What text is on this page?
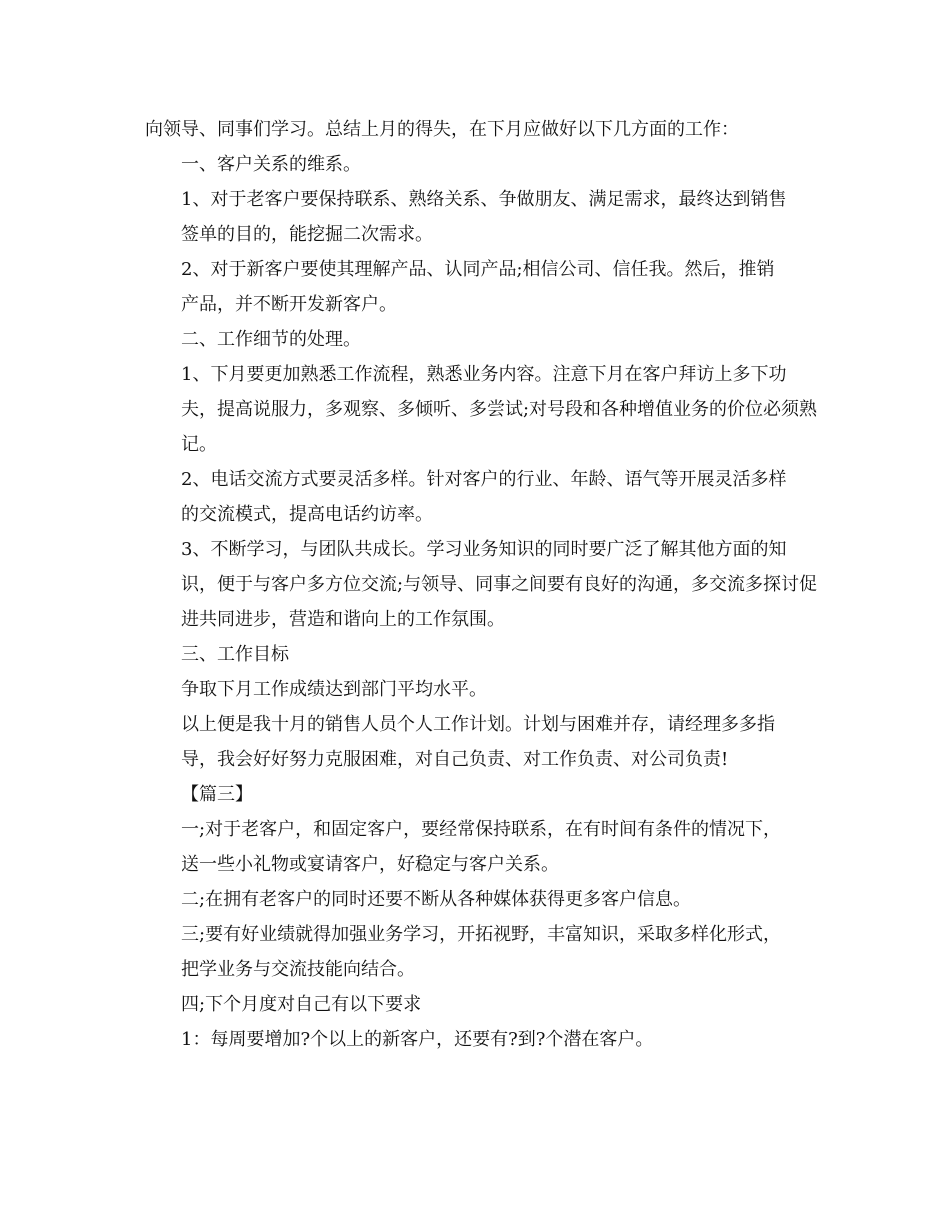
向领导、同事们学习。总结上月的得失，在下月应做好以下几方面的工作：

一、客户关系的维系。

1、对于老客户要保持联系、熟络关系、争做朋友、满足需求，最终达到销售
签单的目的，能挖掘二次需求。

2、对于新客户要使其理解产品、认同产品;相信公司、信任我。然后，推销
产品，并不断开发新客户。

二、工作细节的处理。

1、下月要更加熟悉工作流程，熟悉业务内容。注意下月在客户拜访上多下功
夫，提高说服力，多观察、多倾听、多尝试;对号段和各种增值业务的价位必须熟
记。

2、电话交流方式要灵活多样。针对客户的行业、年龄、语气等开展灵活多样
的交流模式，提高电话约访率。

3、不断学习，与团队共成长。学习业务知识的同时要广泛了解其他方面的知
识，便于与客户多方位交流;与领导、同事之间要有良好的沟通，多交流多探讨促
进共同进步，营造和谐向上的工作氛围。

三、工作目标

争取下月工作成绩达到部门平均水平。

以上便是我十月的销售人员个人工作计划。计划与困难并存，请经理多多指
导，我会好好努力克服困难，对自己负责、对工作负责、对公司负责!

【篇三】

一;对于老客户，和固定客户，要经常保持联系，在有时间有条件的情况下，
送一些小礼物或宴请客户，好稳定与客户关系。

二;在拥有老客户的同时还要不断从各种媒体获得更多客户信息。

三;要有好业绩就得加强业务学习，开拓视野，丰富知识，采取多样化形式，
把学业务与交流技能向结合。

四;下个月度对自己有以下要求

1：每周要增加?个以上的新客户，还要有?到?个潜在客户。
